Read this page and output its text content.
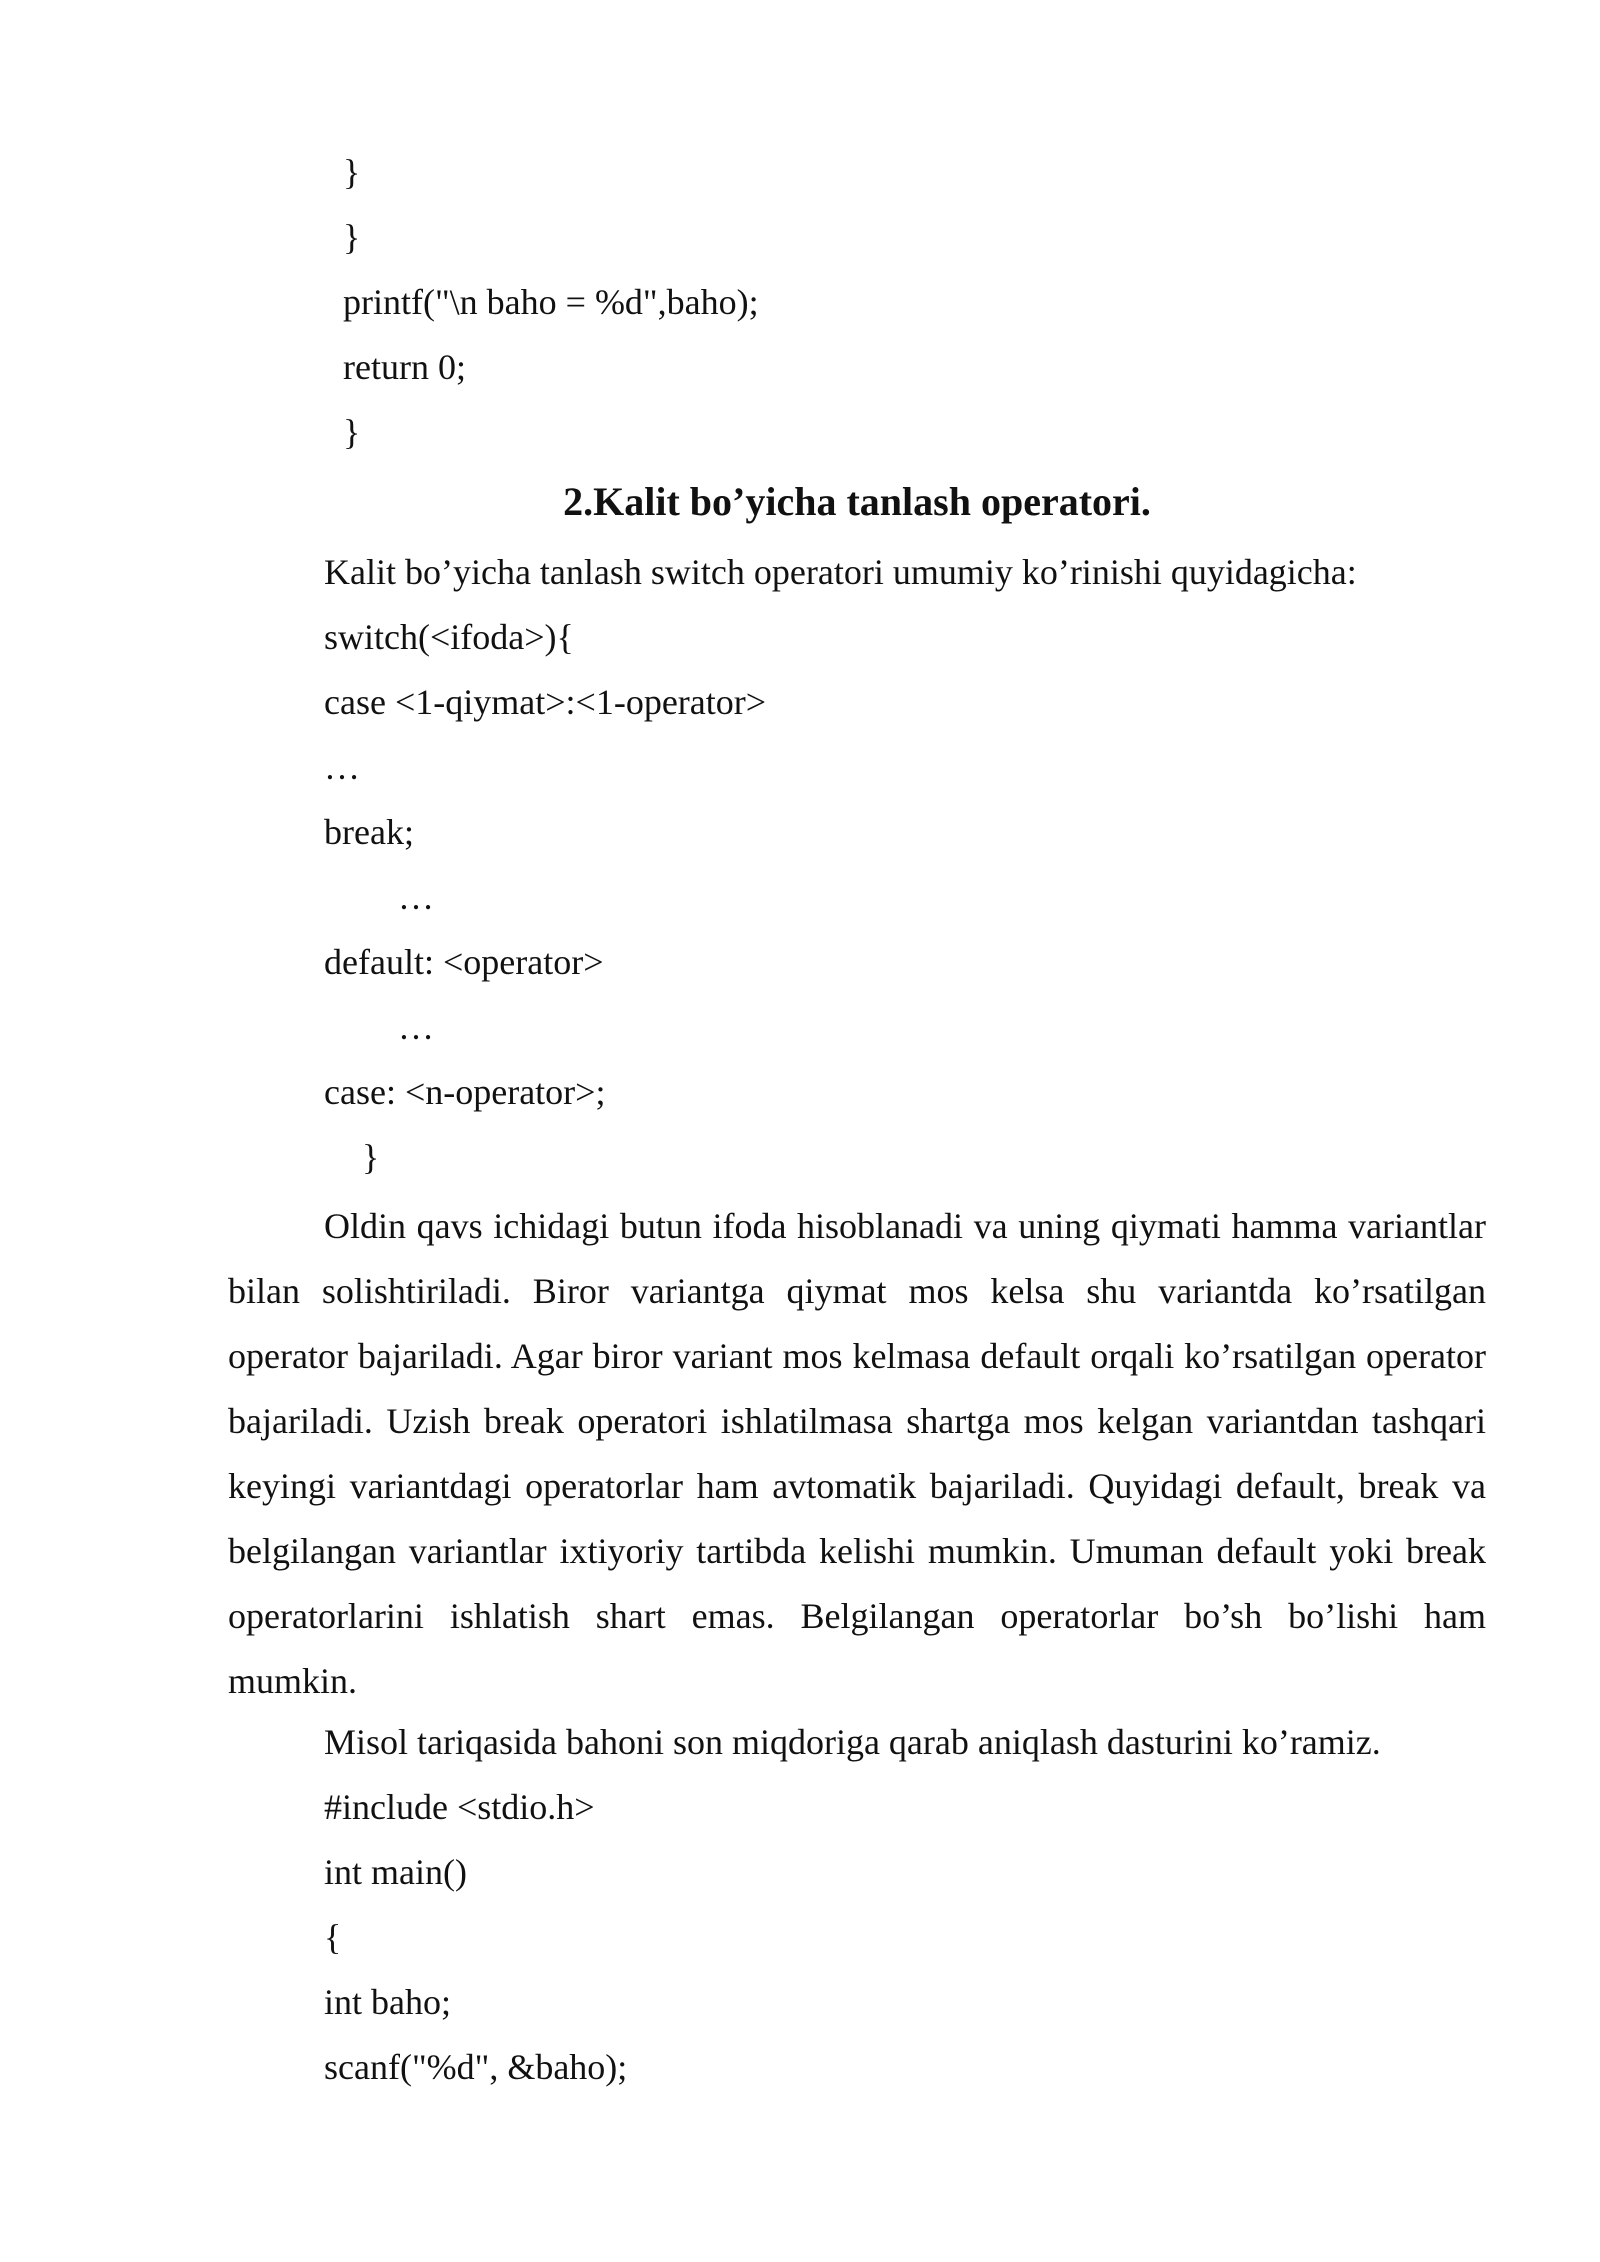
}
}
printf("\n baho = %d",baho);
return 0;
}
2.Kalit bo’yicha tanlash operatori.
Kalit bo’yicha tanlash switch operatori umumiy ko’rinishi quyidagicha:
switch(<ifoda>){
case <1-qiymat>:<1-operator>
…
break;
…
default: <operator>
…
case: <n-operator>;
}

Oldin qavs ichidagi butun ifoda hisoblanadi va uning qiymati hamma variantlar bilan solishtiriladi. Biror variantga qiymat mos kelsa shu variantda ko’rsatilgan operator bajariladi. Agar biror variant mos kelmasa default orqali ko’rsatilgan operator bajariladi. Uzish break operatori ishlatilmasa shartga mos kelgan variantdan tashqari keyingi variantdagi operatorlar ham avtomatik bajariladi. Quyidagi default, break va belgilangan variantlar ixtiyoriy tartibda kelishi mumkin. Umuman default yoki break operatorlarini ishlatish shart emas. Belgilangan operatorlar bo’sh bo’lishi ham mumkin.

Misol tariqasida bahoni son miqdoriga qarab aniqlash dasturini ko’ramiz.
#include <stdio.h>
int main()
{
int baho;
scanf("%d", &baho);
